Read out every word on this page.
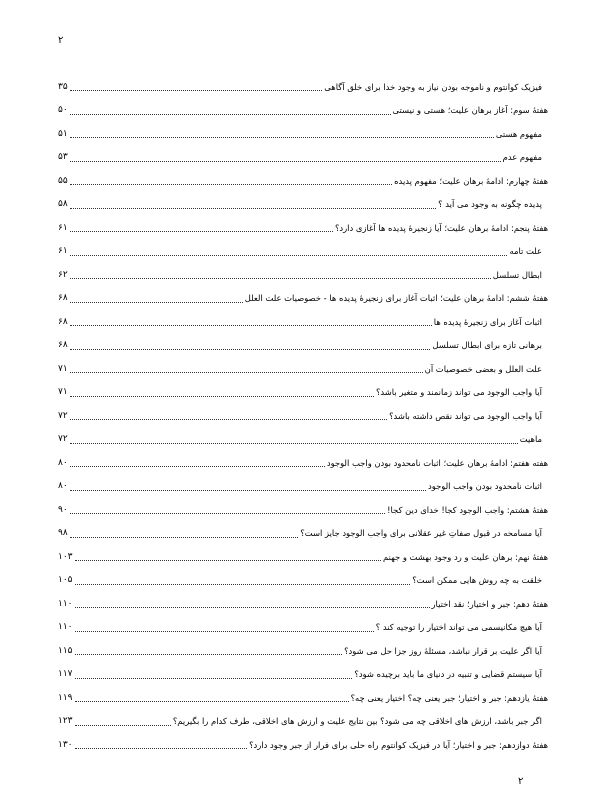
۲
۳۵	فیزیک کوانتوم و ناموجه بودن نیاز به وجود خدا برای خلق آگاهی
۵۰	هفتهٔ سوم: آغاز برهان علیت؛ هستی و نیستی
۵۱	مفهوم هستی
۵۳	مفهوم عدم
۵۵	هفتهٔ چهارم: ادامهٔ برهان علیت؛ مفهوم پدیده
۵۸	پدیده چگونه به وجود می آید ؟
۶۱	هفتهٔ پنجم: ادامهٔ برهان علیت؛ آیا زنجیرهٔ پدیده ها آغازی دارد؟
۶۱	علت تامه
۶۲	ابطال تسلسل
۶۸	هفتهٔ ششم: ادامهٔ برهان علیت؛ اثبات آغاز برای زنجیرهٔ پدیده ها - خصوصیات علت العلل
۶۸	اثبات آغاز برای زنجیرهٔ پدیده ها
۶۸	برهانی تازه برای ابطال تسلسل
۷۱	علت العلل و بعضی خصوصیات آن
۷۱	آیا واجب الوجود می تواند زمانمند و متغیر باشد؟
۷۲	آیا واجب الوجود می تواند نقص داشته باشد؟
۷۲	ماهیت
۸۰	هفته هفتم: ادامهٔ برهان علیت؛ اثبات نامحدود بودن واجب الوجود
۸۰	اثبات نامحدود بودن واجب الوجود
۹۰	هفتهٔ هشتم: واجب الوجود کجا! خدای دین کجا!
۹۸	آیا مسامحه در قبول صفاتِ غیر عقلانی برای واجب الوجود جایز است؟
۱۰۳	هفتهٔ نهم: برهان علیت و رد وجود بهشت و جهنم
۱۰۵	خلقت به چه روش هایی ممکن است؟
۱۱۰	هفتهٔ دهم: جبر و اختیار؛ نقد اختیار
۱۱۰	آیا هیچ مکانیسمی می تواند اختیار را توجیه کند ؟
۱۱۵	آیا اگر علیت بر قرار نباشد، مسئلهٔ روز جزا حل می شود؟
۱۱۷	آیا سیستم قضایی و تنبیه در دنیای ما باید برچیده شود؟
۱۱۹	هفتهٔ یازدهم: جبر و اختیار؛ جبر یعنی چه؟ اختیار یعنی چه؟
۱۲۳	اگر جبر باشد، ارزش های اخلاقی چه می شود؟ بین نتایج علیت و ارزش های اخلاقی، طرف کدام را بگیریم؟
۱۳۰	هفتهٔ دوازدهم: جبر و اختیار؛ آیا در فیزیک کوانتوم راه حلی برای فرار از جبر وجود دارد؟
۲
